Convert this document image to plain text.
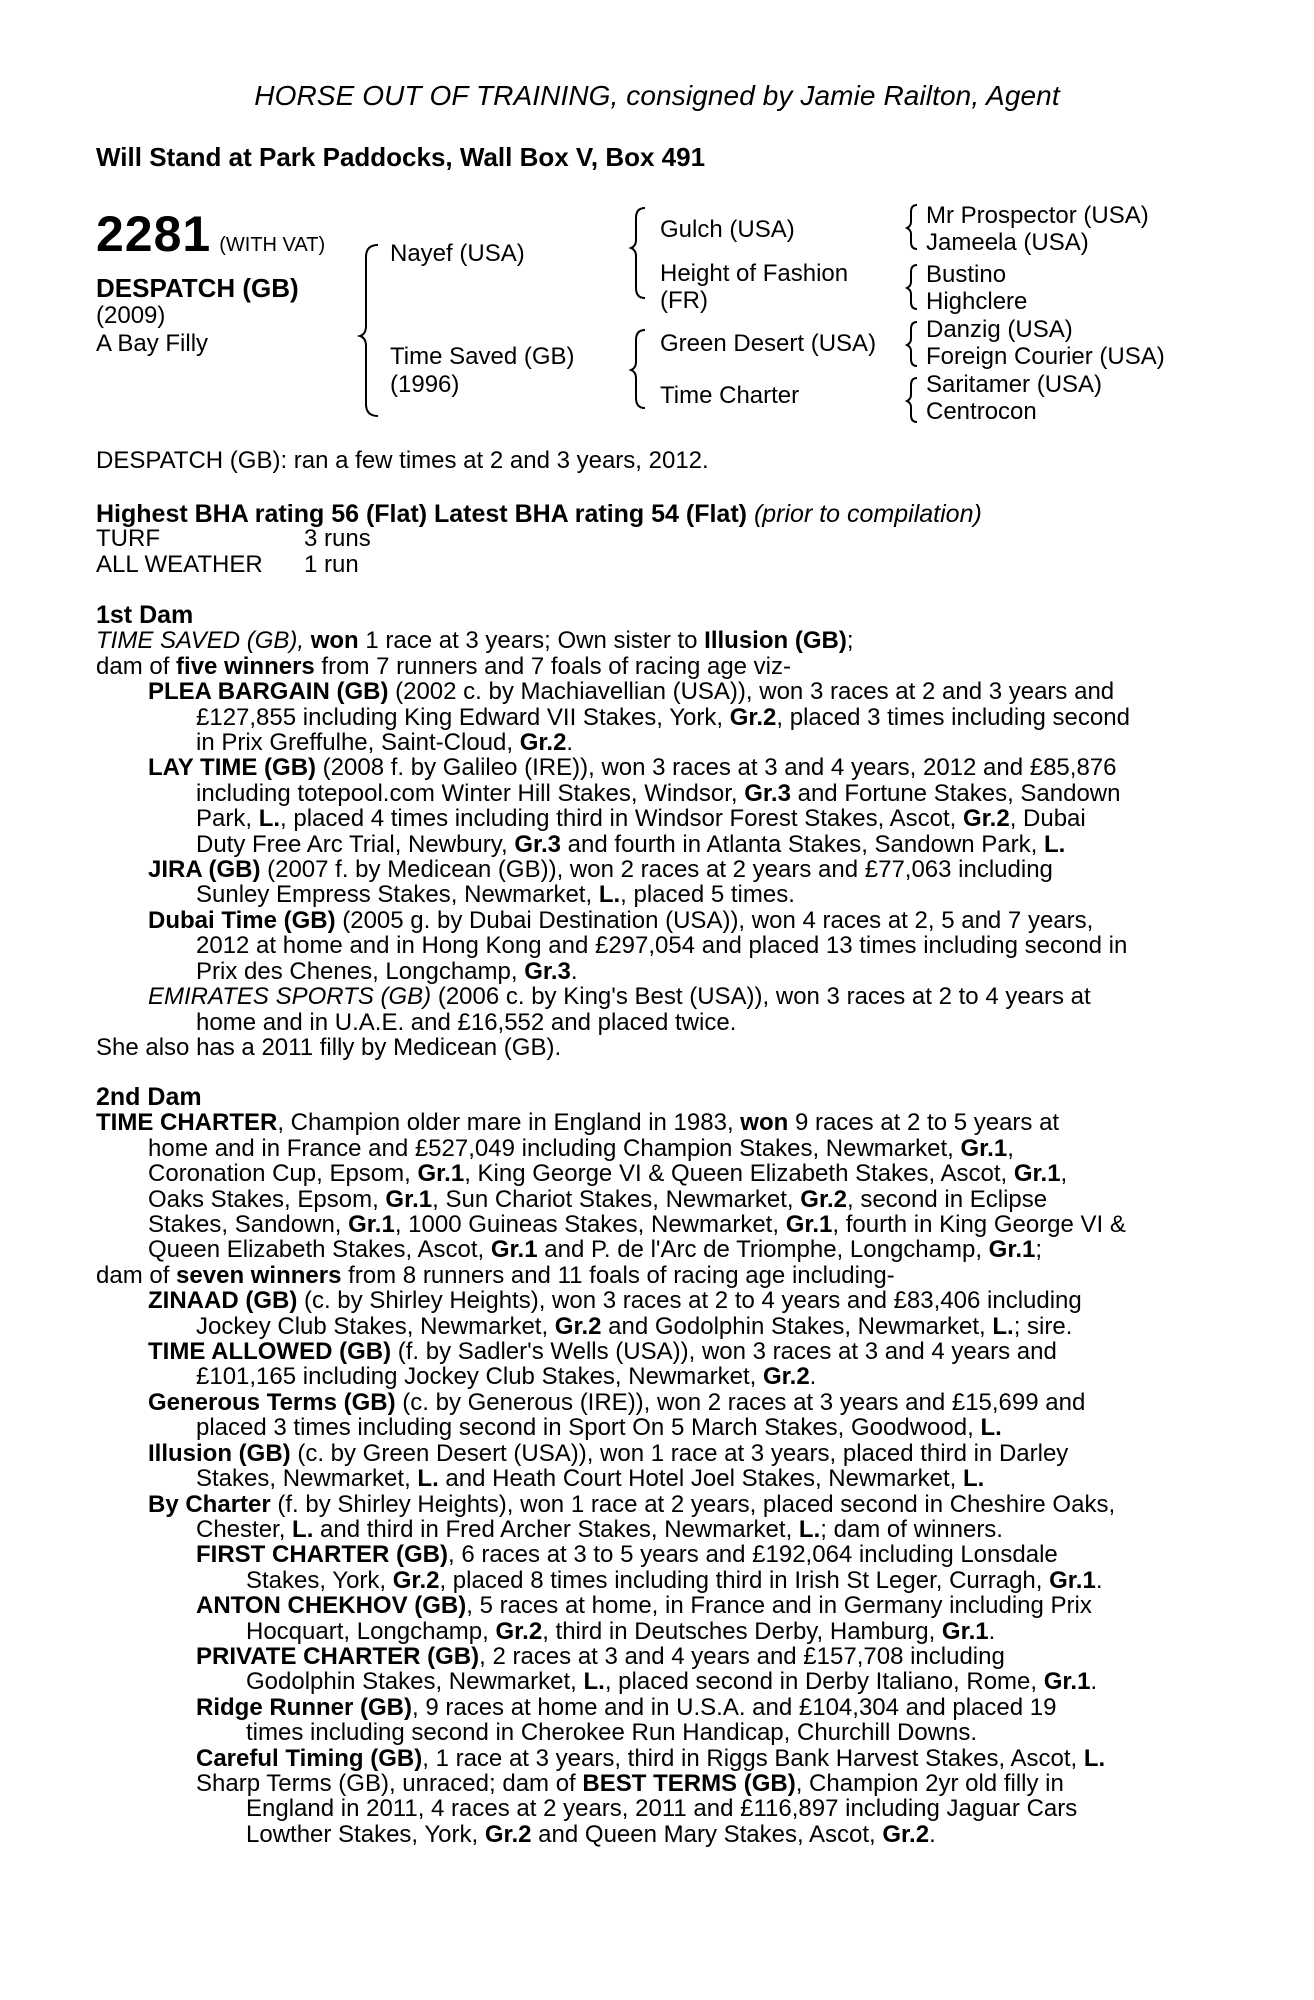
HORSE OUT OF TRAINING, consigned by Jamie Railton, Agent
Will Stand at Park Paddocks, Wall Box V, Box 491
2281 (WITH VAT)
DESPATCH (GB)
(2009)
A Bay Filly
Nayef (USA)
Time Saved (GB)
(1996)
Gulch (USA)
Height of Fashion
(FR)
Green Desert (USA)
Time Charter
Mr Prospector (USA)
Jameela (USA)
Bustino
Highclere
Danzig (USA)
Foreign Courier (USA)
Saritamer (USA)
Centrocon
DESPATCH (GB): ran a few times at 2 and 3 years, 2012.
Highest BHA rating 56 (Flat) Latest BHA rating 54 (Flat) (prior to compilation)
TURF	3 runs
ALL WEATHER 1 run
1st Dam
TIME SAVED (GB), won 1 race at 3 years; Own sister to Illusion (GB);
dam of five winners from 7 runners and 7 foals of racing age viz-
PLEA BARGAIN (GB) (2002 c. by Machiavellian (USA)), won 3 races at 2 and 3 years and
£127,855 including King Edward VII Stakes, York, Gr.2, placed 3 times including second
in Prix Greffulhe, Saint-Cloud, Gr.2.
LAY TIME (GB) (2008 f. by Galileo (IRE)), won 3 races at 3 and 4 years, 2012 and £85,876
including totepool.com Winter Hill Stakes, Windsor, Gr.3 and Fortune Stakes, Sandown
Park, L., placed 4 times including third in Windsor Forest Stakes, Ascot, Gr.2, Dubai
Duty Free Arc Trial, Newbury, Gr.3 and fourth in Atlanta Stakes, Sandown Park, L.
JIRA (GB) (2007 f. by Medicean (GB)), won 2 races at 2 years and £77,063 including
Sunley Empress Stakes, Newmarket, L., placed 5 times.
Dubai Time (GB) (2005 g. by Dubai Destination (USA)), won 4 races at 2, 5 and 7 years,
2012 at home and in Hong Kong and £297,054 and placed 13 times including second in
Prix des Chenes, Longchamp, Gr.3.
EMIRATES SPORTS (GB) (2006 c. by King's Best (USA)), won 3 races at 2 to 4 years at
home and in U.A.E. and £16,552 and placed twice.
She also has a 2011 filly by Medicean (GB).
2nd Dam
TIME CHARTER, Champion older mare in England in 1983, won 9 races at 2 to 5 years at
home and in France and £527,049 including Champion Stakes, Newmarket, Gr.1,
Coronation Cup, Epsom, Gr.1, King George VI & Queen Elizabeth Stakes, Ascot, Gr.1,
Oaks Stakes, Epsom, Gr.1, Sun Chariot Stakes, Newmarket, Gr.2, second in Eclipse
Stakes, Sandown, Gr.1, 1000 Guineas Stakes, Newmarket, Gr.1, fourth in King George VI &
Queen Elizabeth Stakes, Ascot, Gr.1 and P. de l'Arc de Triomphe, Longchamp, Gr.1;
dam of seven winners from 8 runners and 11 foals of racing age including-
ZINAAD (GB) (c. by Shirley Heights), won 3 races at 2 to 4 years and £83,406 including
Jockey Club Stakes, Newmarket, Gr.2 and Godolphin Stakes, Newmarket, L.; sire.
TIME ALLOWED (GB) (f. by Sadler's Wells (USA)), won 3 races at 3 and 4 years and
£101,165 including Jockey Club Stakes, Newmarket, Gr.2.
Generous Terms (GB) (c. by Generous (IRE)), won 2 races at 3 years and £15,699 and
placed 3 times including second in Sport On 5 March Stakes, Goodwood, L.
Illusion (GB) (c. by Green Desert (USA)), won 1 race at 3 years, placed third in Darley
Stakes, Newmarket, L. and Heath Court Hotel Joel Stakes, Newmarket, L.
By Charter (f. by Shirley Heights), won 1 race at 2 years, placed second in Cheshire Oaks,
Chester, L. and third in Fred Archer Stakes, Newmarket, L.; dam of winners.
FIRST CHARTER (GB), 6 races at 3 to 5 years and £192,064 including Lonsdale
Stakes, York, Gr.2, placed 8 times including third in Irish St Leger, Curragh, Gr.1.
ANTON CHEKHOV (GB), 5 races at home, in France and in Germany including Prix
Hocquart, Longchamp, Gr.2, third in Deutsches Derby, Hamburg, Gr.1.
PRIVATE CHARTER (GB), 2 races at 3 and 4 years and £157,708 including
Godolphin Stakes, Newmarket, L., placed second in Derby Italiano, Rome, Gr.1.
Ridge Runner (GB), 9 races at home and in U.S.A. and £104,304 and placed 19
times including second in Cherokee Run Handicap, Churchill Downs.
Careful Timing (GB), 1 race at 3 years, third in Riggs Bank Harvest Stakes, Ascot, L.
Sharp Terms (GB), unraced; dam of BEST TERMS (GB), Champion 2yr old filly in
England in 2011, 4 races at 2 years, 2011 and £116,897 including Jaguar Cars
Lowther Stakes, York, Gr.2 and Queen Mary Stakes, Ascot, Gr.2.
